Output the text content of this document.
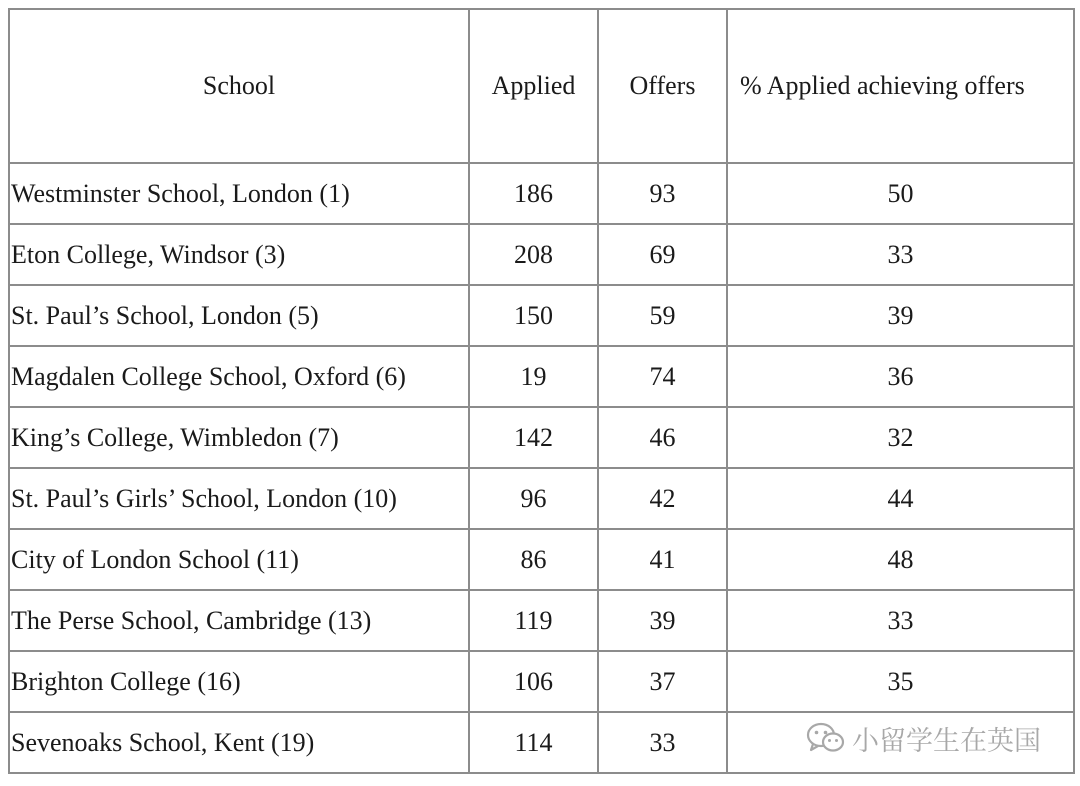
School	Applied	Offers	% Applied achieving offers
Westminster School, London (1)	186	93	50
Eton College, Windsor (3)	208	69	33
St. Paul’s School, London (5)	150	59	39
Magdalen College School, Oxford (6)	19	74	36
King’s College, Wimbledon (7)	142	46	32
St. Paul’s Girls’ School, London (10)	96	42	44
City of London School (11)	86	41	48
The Perse School, Cambridge (13)	119	39	33
Brighton College (16)	106	37	35
Sevenoaks School, Kent (19)	114	33		小留学生在英国
